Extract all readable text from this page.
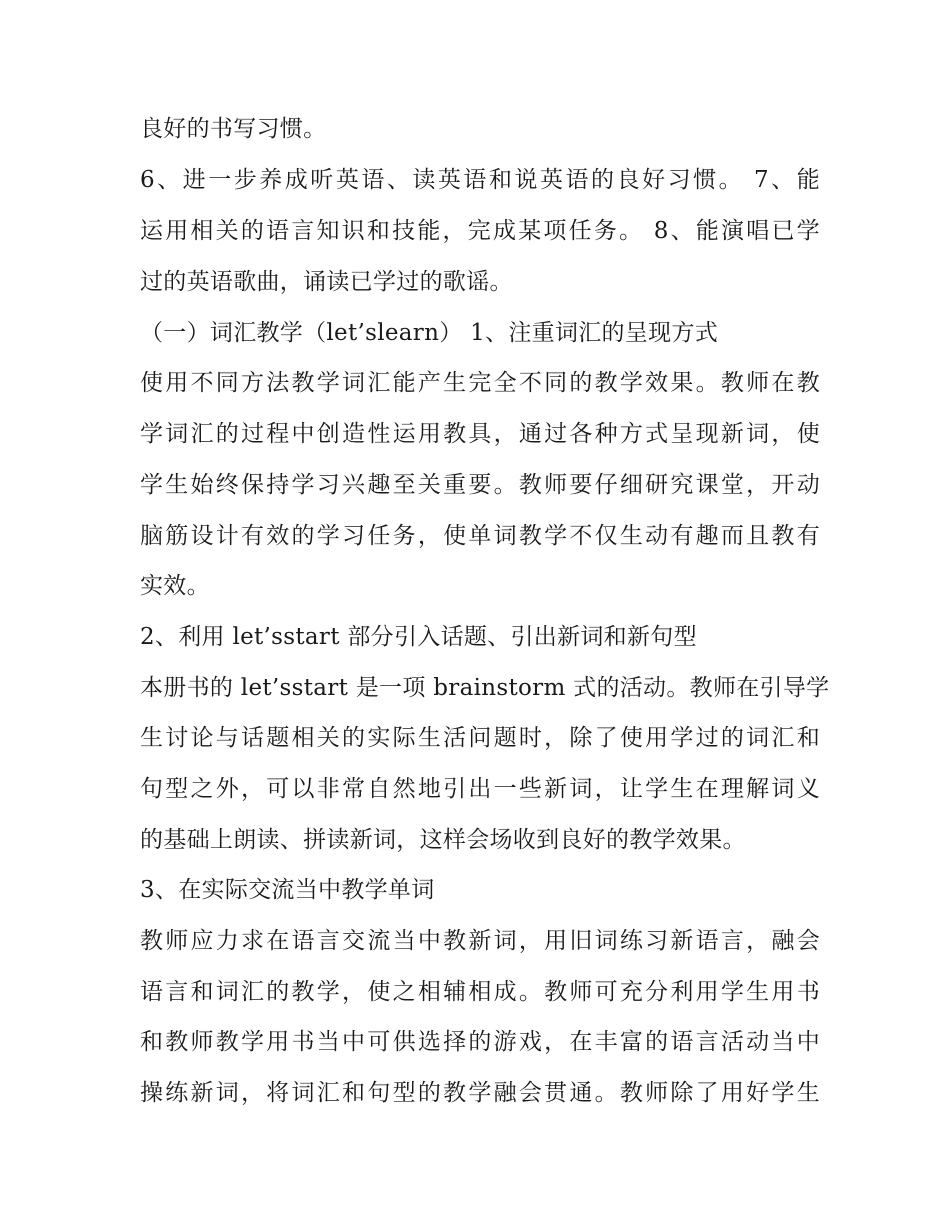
良好的书写习惯。
6、进一步养成听英语、读英语和说英语的良好习惯。 7、能
运用相关的语言知识和技能，完成某项任务。 8、能演唱已学
过的英语歌曲，诵读已学过的歌谣。
（一）词汇教学（let’slearn） 1、注重词汇的呈现方式
使用不同方法教学词汇能产生完全不同的教学效果。教师在教
学词汇的过程中创造性运用教具，通过各种方式呈现新词，使
学生始终保持学习兴趣至关重要。教师要仔细研究课堂，开动
脑筋设计有效的学习任务，使单词教学不仅生动有趣而且教有
实效。
2、利用 let’sstart 部分引入话题、引出新词和新句型
本册书的 let’sstart 是一项 brainstorm 式的活动。教师在引导学
生讨论与话题相关的实际生活问题时，除了使用学过的词汇和
句型之外，可以非常自然地引出一些新词，让学生在理解词义
的基础上朗读、拼读新词，这样会场收到良好的教学效果。
3、在实际交流当中教学单词
教师应力求在语言交流当中教新词，用旧词练习新语言，融会
语言和词汇的教学，使之相辅相成。教师可充分利用学生用书
和教师教学用书当中可供选择的游戏，在丰富的语言活动当中
操练新词，将词汇和句型的教学融会贯通。教师除了用好学生
